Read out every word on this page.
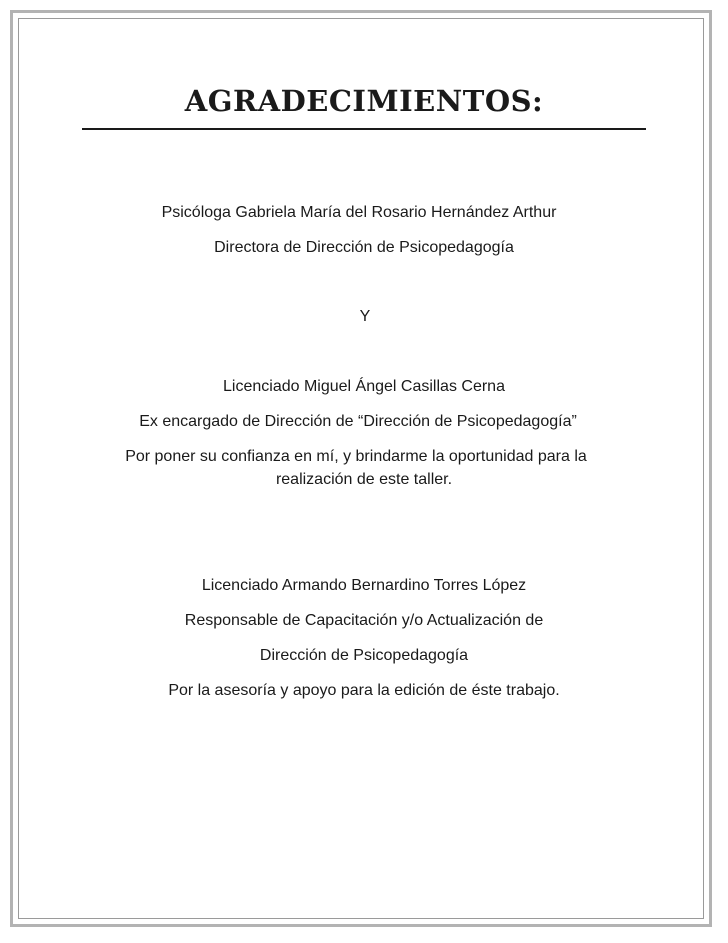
AGRADECIMIENTOS:
Psicóloga Gabriela María del Rosario Hernández Arthur
Directora de Dirección de Psicopedagogía
Y
Licenciado Miguel Ángel Casillas Cerna
Ex encargado de Dirección de “Dirección de Psicopedagogía”
Por poner su confianza en mí, y brindarme la oportunidad para la
realización de este taller.
Licenciado Armando Bernardino Torres López
Responsable de Capacitación y/o Actualización de
Dirección de Psicopedagogía
Por la asesoría y apoyo para la edición de éste trabajo.
